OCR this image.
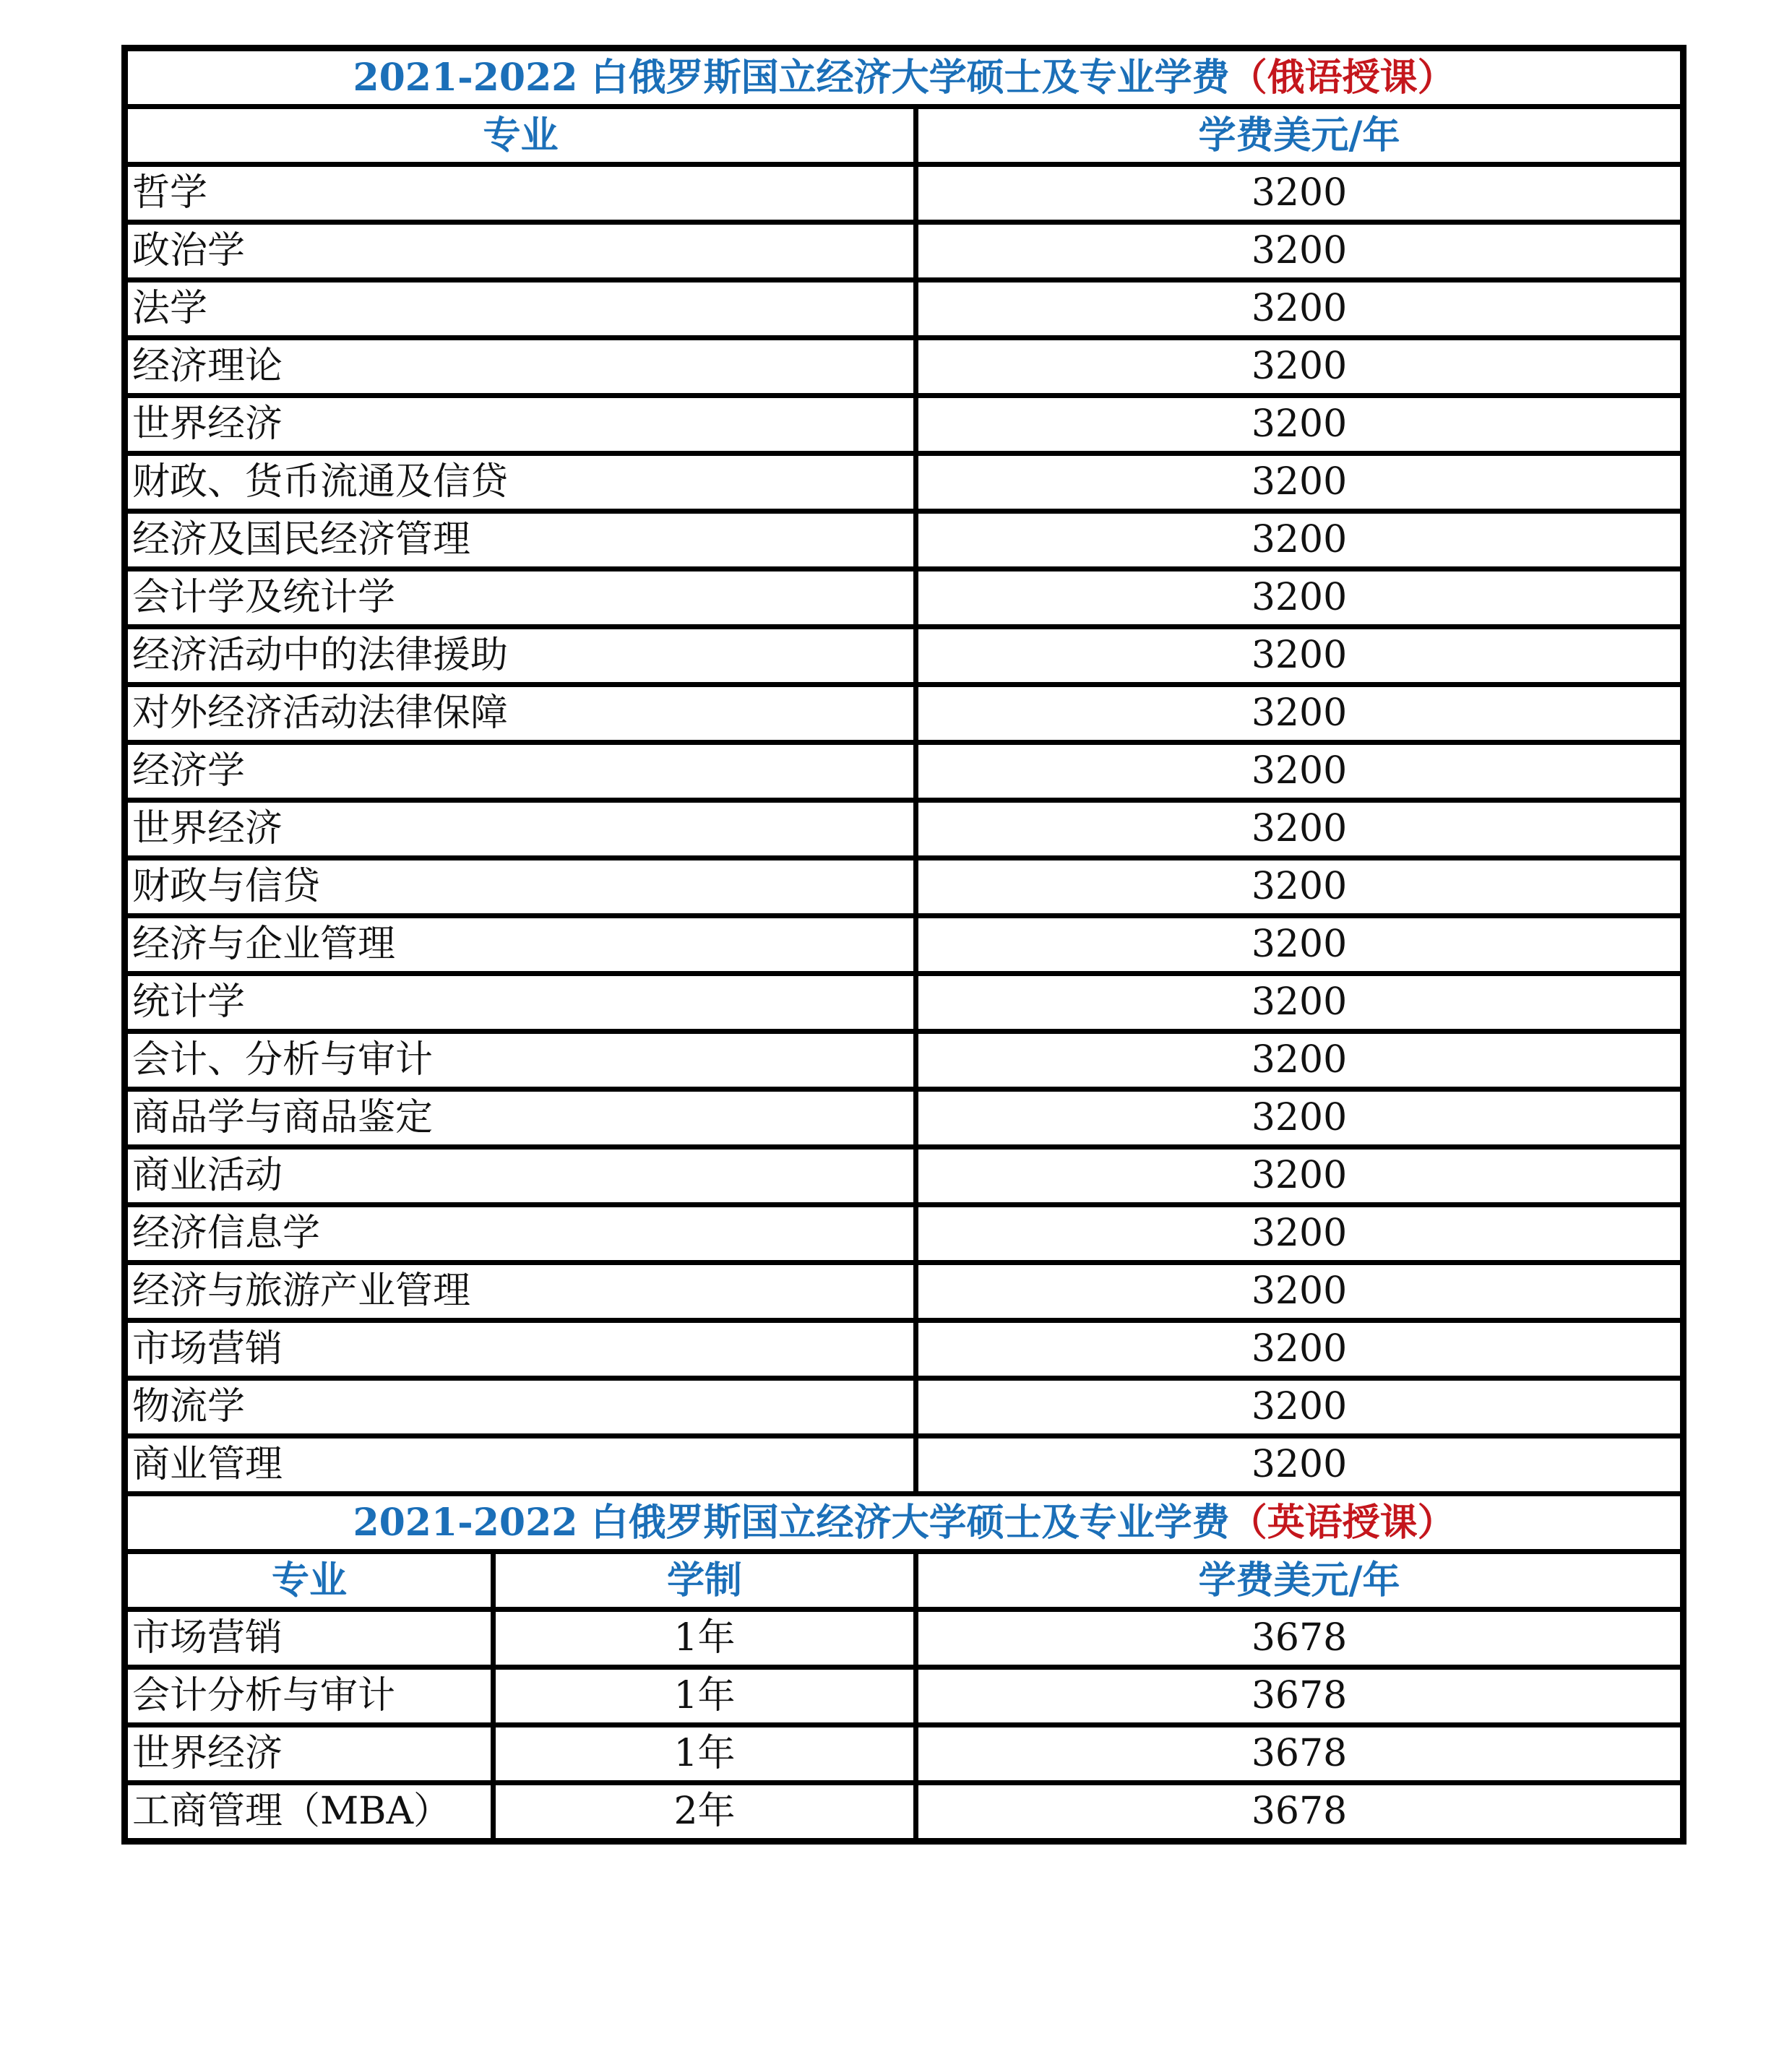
2021-2022 白俄罗斯国立经济大学硕士及专业学费（俄语授课）		
专业		学费美元/年
哲学		3200
政治学		3200
法学		3200
经济理论		3200
世界经济		3200
财政、货币流通及信贷		3200
经济及国民经济管理		3200
会计学及统计学		3200
经济活动中的法律援助		3200
对外经济活动法律保障		3200
经济学		3200
世界经济		3200
财政与信贷		3200
经济与企业管理		3200
统计学		3200
会计、分析与审计		3200
商品学与商品鉴定		3200
商业活动		3200
经济信息学		3200
经济与旅游产业管理		3200
市场营销		3200
物流学		3200
商业管理		3200
2021-2022 白俄罗斯国立经济大学硕士及专业学费（英语授课）		
专业	学制	学费美元/年
市场营销	1年	3678
会计分析与审计	1年	3678
世界经济	1年	3678
工商管理（MBA）	2年	3678
